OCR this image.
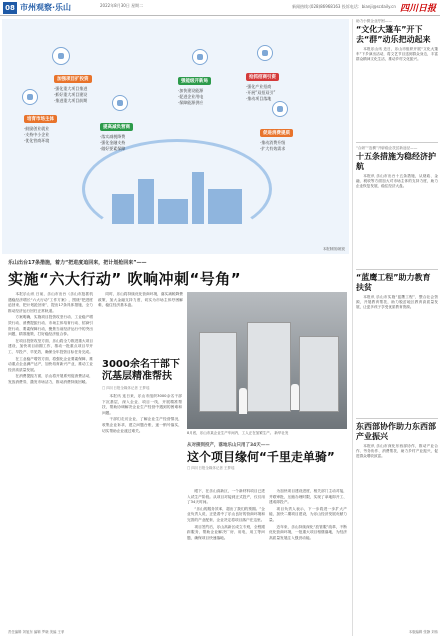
08 市州观察·乐山	2022年8月30日 星期二	新闻热线:(028)86968163 投诉电话：bianji@scdaily.cn 四川日报
加强项目扩投资
·强化重大项目推进
·抓好重大项目建设
·推进重大项目前期
培育市场主体
·鼓励创业就业
·支持中小企业
·优化营商环境
强能级开新局
·加快建设能源
·促进企业用电
·保障能源供应
抢抓招商引资
·强化产业招商
·开展“双招双引”
·推动项目落地
提高减负营商
·落实减税降费
·强化金融支持
·做好要素保障
促进消费提质
·推动消费升级
·扩大有效需求
本报制图/姚锐
乐山出台17条措施，着力“把进度追回来，把计划抢回来”——
实施“六大行动” 吹响冲刺“号角”

本报乐山讯 日前，乐山市出台《乐山市抢抓机遇稳经济增长“六大行动”工作方案》，围绕“把进度追回来，把计划抢回来”，提出17条具体措施，全力推动经济运行回归正常轨道。

方案明确，实施项目投资攻坚行动、工业稳产增效行动、消费提振行动、市场主体培育行动、招商引资行动、要素保障行动，聚焦当前经济运行中的突出问题，精准施策，打好稳经济组合拳。

在项目投资攻坚方面，乐山将全力推进重大项目建设，加快项目前期工作，推动一批重点项目早开工、早投产、早见效，确保全年投资目标任务完成。

在工业稳产增效方面，将强化企业要素保障，推动重点企业满产达产，加快培育新兴产业，推动工业经济高质量发展。

在消费提振方面，乐山将开展系列促消费活动，发放消费券，激发市场活力，推动消费持续回暖。

同时，乐山将持续优化营商环境，落实减税降费政策，加大金融支持力度，切实为市场主体纾困解难，稳住经济基本盘。

8月底，乐山市某企业生产车间内，工人正在加紧生产。 新华社发
3000余名干部下沉基层精准帮扶
□ 四川日报全媒体记者 王梦瑶

本报讯 连日来，乐山市组织3000余名干部下沉基层，深入企业、项目一线，开展精准帮扶，帮助协调解决企业生产经营中遇到的困难和问题。

干部们走访企业，了解企业生产经营情况，收集企业诉求，建立问题台账，逐一销号落实，切实帮助企业渡过难关。

从对接到投产，落地乐山只用了34天——
这个项目缘何“千里走单骑”
□ 四川日报全媒体记者 王梦瑶

眼下，在乐山高新区，一个新材料项目已进入试生产阶段。从项目对接到正式投产，仅仅用了34天时间。

“乐山的服务效率，超出了我们的预期。”企业负责人说，正是看中了乐山良好的营商环境和完善的产业配套，企业决定将项目落户在这里。

项目签约后，乐山高新区成立专班，全程跟踪服务，帮助企业解决厂房、用电、用工等问题，确保项目快速落地。

为加快项目建设进度，相关部门主动对接，并联审批，压缩办理时限，实现了拿地即开工、建成即投产。

项目负责人表示，下一步将进一步扩大产能，加快二期项目建设，为乐山经济发展贡献力量。

近年来，乐山持续深化“放管服”改革，不断优化营商环境，一批重大项目相继落地，为经济高质量发展注入强劲动能。

责任编辑 刘旭东 编辑 罗晓 美编 王菲
助力小微企业纾困——
“文化大篷车”开下去“群”动乐把动起来

本报乐山讯 近日，乐山市组织开展“文化大篷车”下乡演出活动，将文艺节目送到群众身边，丰富群众精神文化生活，推动乡村文化振兴。

“合纵”“连横”开辟稳企扶贫新途径——
十五条措施为稳经济护航

本报讯 乐山市出台十五条措施，从财政、金融、税收等方面加大对市场主体的支持力度，助力企业恢复发展，稳住经济大盘。

“蓝鹰工程”助力教育扶贫

本报讯 乐山市实施“蓝鹰工程”，整合社会资源，开展教育帮扶，助力脱贫地区教育高质量发展，让更多孩子享受优质教育资源。

东西部协作助力东西部产业振兴

本报讯 乐山市深化东西部协作，推动产业合作、劳务协作、消费帮扶，助力乡村产业振兴，促进群众增收致富。

本版编辑 张静 刘伟
